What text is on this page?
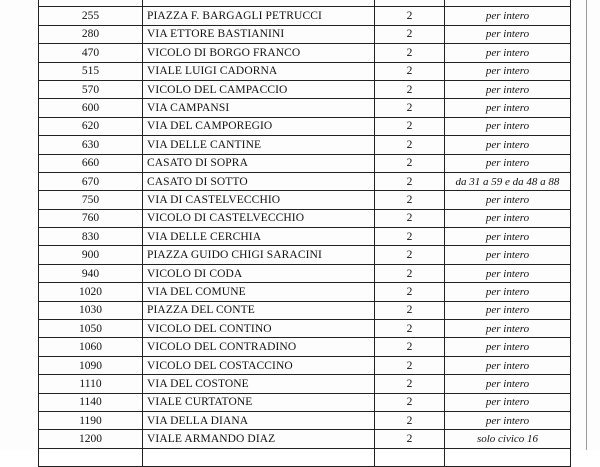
255	PIAZZA F. BARGAGLI PETRUCCI	2	per intero
280	VIA ETTORE BASTIANINI	2	per intero
470	VICOLO DI BORGO FRANCO	2	per intero
515	VIALE LUIGI CADORNA	2	per intero
570	VICOLO DEL CAMPACCIO	2	per intero
600	VIA CAMPANSI	2	per intero
620	VIA DEL CAMPOREGIO	2	per intero
630	VIA DELLE CANTINE	2	per intero
660	CASATO DI SOPRA	2	per intero
670	CASATO DI SOTTO	2	da 31 a 59 e da 48 a 88
750	VIA DI CASTELVECCHIO	2	per intero
760	VICOLO DI CASTELVECCHIO	2	per intero
830	VIA DELLE CERCHIA	2	per intero
900	PIAZZA GUIDO CHIGI SARACINI	2	per intero
940	VICOLO DI CODA	2	per intero
1020	VIA DEL COMUNE	2	per intero
1030	PIAZZA DEL CONTE	2	per intero
1050	VICOLO DEL CONTINO	2	per intero
1060	VICOLO DEL CONTRADINO	2	per intero
1090	VICOLO DEL COSTACCINO	2	per intero
1110	VIA DEL COSTONE	2	per intero
1140	VIALE CURTATONE	2	per intero
1190	VIA DELLA DIANA	2	per intero
1200	VIALE ARMANDO DIAZ	2	solo civico 16
